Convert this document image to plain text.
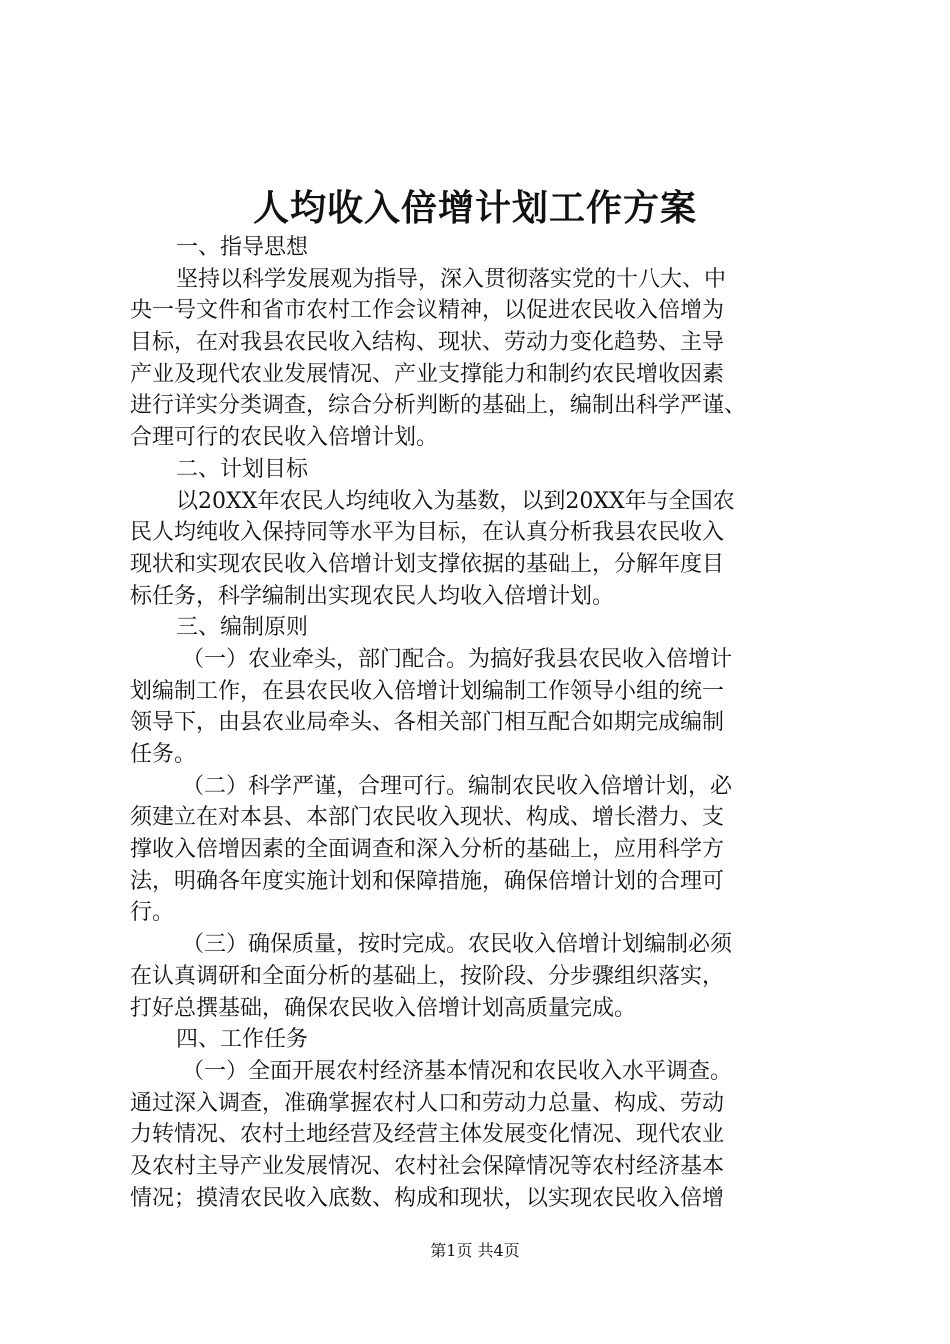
人均收入倍增计划工作方案
一、指导思想
坚持以科学发展观为指导，深入贯彻落实党的十八大、中
央一号文件和省市农村工作会议精神，以促进农民收入倍增为
目标，在对我县农民收入结构、现状、劳动力变化趋势、主导
产业及现代农业发展情况、产业支撑能力和制约农民增收因素
进行详实分类调查，综合分析判断的基础上，编制出科学严谨、
合理可行的农民收入倍增计划。
二、计划目标
以20XX年农民人均纯收入为基数，以到20XX年与全国农
民人均纯收入保持同等水平为目标，在认真分析我县农民收入
现状和实现农民收入倍增计划支撑依据的基础上，分解年度目
标任务，科学编制出实现农民人均收入倍增计划。
三、编制原则
（一）农业牵头，部门配合。为搞好我县农民收入倍增计
划编制工作，在县农民收入倍增计划编制工作领导小组的统一
领导下，由县农业局牵头、各相关部门相互配合如期完成编制
任务。
（二）科学严谨，合理可行。编制农民收入倍增计划，必
须建立在对本县、本部门农民收入现状、构成、增长潜力、支
撑收入倍增因素的全面调查和深入分析的基础上，应用科学方
法，明确各年度实施计划和保障措施，确保倍增计划的合理可
行。
（三）确保质量，按时完成。农民收入倍增计划编制必须
在认真调研和全面分析的基础上，按阶段、分步骤组织落实，
打好总撰基础，确保农民收入倍增计划高质量完成。
四、工作任务
（一）全面开展农村经济基本情况和农民收入水平调查。
通过深入调查，准确掌握农村人口和劳动力总量、构成、劳动
力转情况、农村土地经营及经营主体发展变化情况、现代农业
及农村主导产业发展情况、农村社会保障情况等农村经济基本
情况；摸清农民收入底数、构成和现状，以实现农民收入倍增
第1页 共4页
